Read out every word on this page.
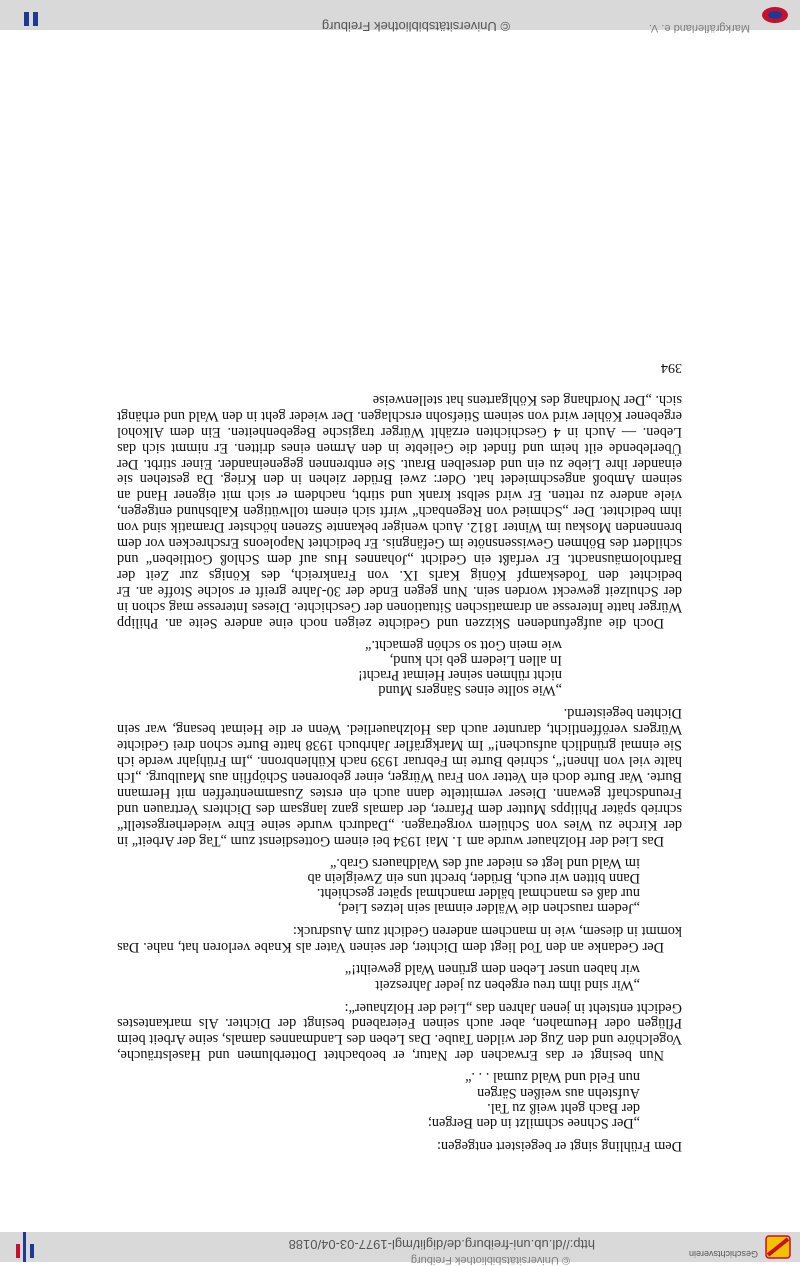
Geschichtsverein
http://dl.ub.uni-freiburg.de/diglit/mgl-1977-03-04/0188
© Universitätsbibliothek Freiburg

Dem Frühling singt er begeistert entgegen:

„Der Schnee schmilzt in den Bergen;
der Bach geht weiß zu Tal.
Aufstehn aus weißen Särgen
nun Feld und Wald zumal . . .“

Nun besingt er das Erwachen der Natur, er beobachtet Dotterblumen und Haselsträuche, Vogelchöre und den Zug der wilden Taube. Das Leben des Landmannes damals, seine Arbeit beim Pflügen oder Heumahen, aber auch seinen Feierabend besingt der Dichter. Als markantestes Gedicht entsteht in jenen Jahren das „Lied der Holzhauer“:

„Wir sind ihm treu ergeben zu jeder Jahreszeit
wir haben unser Leben dem grünen Wald geweiht!“

Der Gedanke an den Tod liegt dem Dichter, der seinen Vater als Knabe verloren hat, nahe. Das kommt in diesem, wie in manchem anderen Gedicht zum Ausdruck:

„Jedem rauschen die Wälder einmal sein letzes Lied,
nur daß es manchmal bälder manchmal später geschieht.
Dann bitten wir euch, Brüder, brecht uns ein Zweiglein ab
im Wald und legt es nieder auf des Waldhauers Grab.“

Das Lied der Holzhauer wurde am 1. Mai 1934 bei einem Gottesdienst zum „Tag der Arbeit“ in der Kirche zu Wies von Schülern vorgetragen. „Dadurch wurde seine Ehre wiederhergestellt“ schrieb später Philipps Mutter dem Pfarrer, der damals ganz langsam des Dichters Vertrauen und Freundschaft gewann. Dieser vermittelte dann auch ein erstes Zusammentreffen mit Hermann Burte. War Burte doch ein Vetter von Frau Würger, einer geborenen Schöpflin aus Maulburg. „Ich halte viel von Ihnen!“, schrieb Burte im Februar 1939 nach Kühlenbronn. „Im Frühjahr werde ich Sie einmal gründlich aufsuchen!“ Im Markgräfler Jahrbuch 1938 hatte Burte schon drei Gedichte Würgers veröffentlicht, darunter auch das Holzhauerlied. Wenn er die Heimat besang, war sein Dichten begeisternd.

„Wie sollte eines Sängers Mund
nicht rühmen seiner Heimat Pracht!
In allen Liedern geb ich kund,
wie mein Gott so schön gemacht.“

Doch die aufgefundenen Skizzen und Gedichte zeigen noch eine andere Seite an. Philipp Würger hatte Interesse an dramatischen Situationen der Geschichte. Dieses Interesse mag schon in der Schulzeit geweckt worden sein. Nun gegen Ende der 30-Jahre greift er solche Stoffe an. Er bedichtet den Todeskampf König Karls IX. von Frankreich, des Königs zur Zeit der Bartholomäusnacht. Er verfaßt ein Gedicht „Johannes Hus auf dem Schloß Gottlieben“ und schildert des Böhmen Gewissensnöte im Gefängnis. Er bedichtet Napoleons Erschrecken vor dem brennenden Moskau im Winter 1812. Auch weniger bekannte Szenen höchster Dramatik sind von ihm bedichtet. Der „Schmied von Regenbach“ wirft sich einem tollwütigen Kalbshund entgegen, viele andere zu retten. Er wird selbst krank und stirbt, nachdem er sich mit eigener Hand an seinem Amboß angeschmiedet hat. Oder: zwei Brüder ziehen in den Krieg. Da gestehen sie einander ihre Liebe zu ein und derselben Braut. Sie entbrennen gegeneinander. Einer stirbt. Der Überlebende eilt heim und findet die Geliebte in den Armen eines dritten. Er nimmt sich das Leben. — Auch in 4 Geschichten erzählt Würger tragische Begebenheiten. Ein dem Alkohol ergebener Köhler wird von seinem Stiefsohn erschlagen. Der wieder geht in den Wald und erhängt sich. „Der Nordhang des Köhlgartens hat stellenweise

394
Markgräflerland e. V.
© Universitätsbibliothek Freiburg
